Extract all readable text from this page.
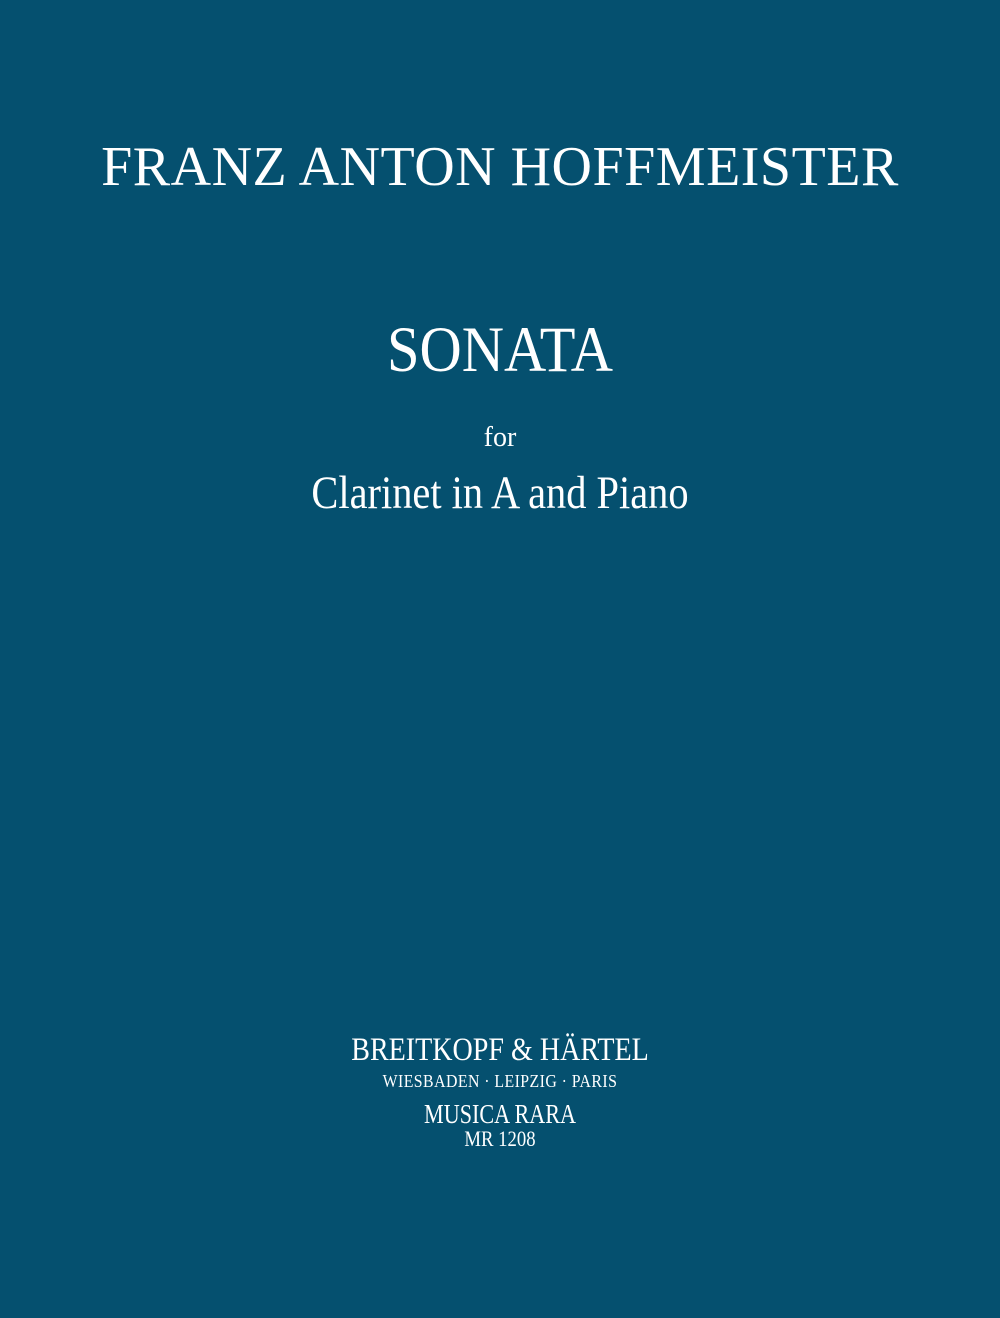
FRANZ ANTON HOFFMEISTER
SONATA
for
Clarinet in A and Piano
BREITKOPF & HÄRTEL
WIESBADEN · LEIPZIG · PARIS
MUSICA RARA
MR 1208
